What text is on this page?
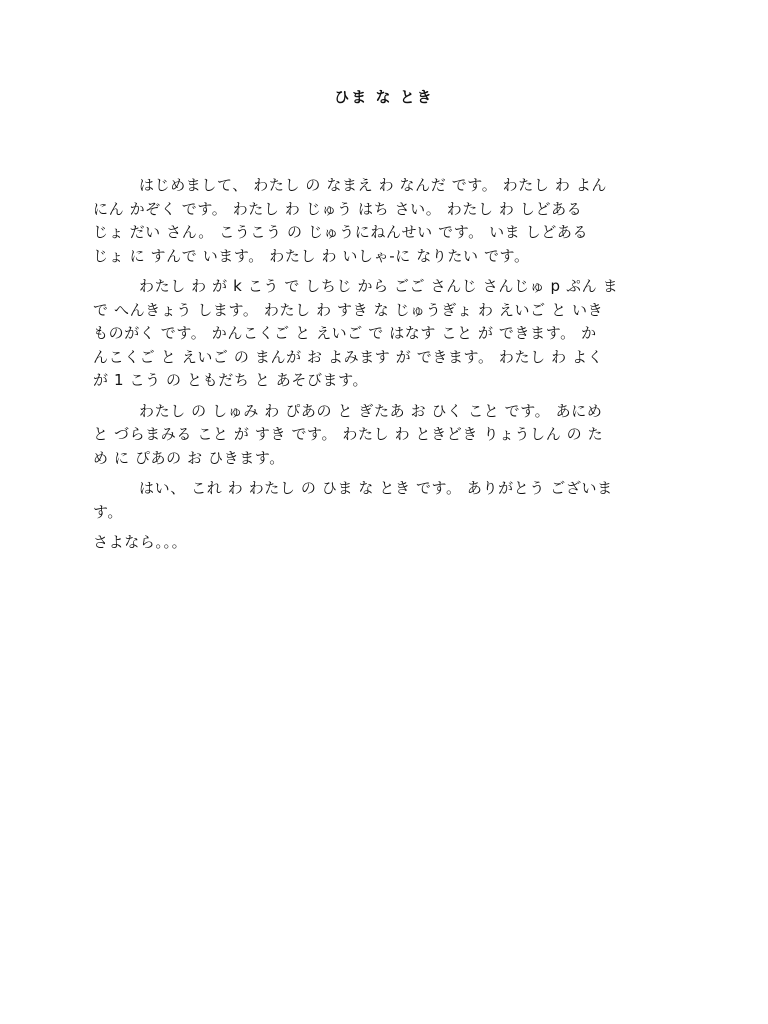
ひま な とき

はじめまして、 わたし の なまえ わ なんだ です。 わたし わ よん
にん かぞく です。 わたし わ じゅう はち さい。 わたし わ しどある
じょ だい さん。 こうこう の じゅうにねんせい です。 いま しどある
じょ に すんで います。 わたし わ いしゃ-に なりたい です。

わたし わ が k こう で しちじ から ごご さんじ さんじゅ p ぷん ま
で へんきょう します。 わたし わ すき な じゅうぎょ わ えいご と いき
ものがく です。 かんこくご と えいご で はなす こと が できます。 か
んこくご と えいご の まんが お よみます が できます。 わたし わ よく
が 1 こう の ともだち と あそびます。

わたし の しゅみ わ ぴあの と ぎたあ お ひく こと です。 あにめ
と づらまみる こと が すき です。 わたし わ ときどき りょうしん の た
め に ぴあの お ひきます。

はい、 これ わ わたし の ひま な とき です。 ありがとう ございま
す。

さよなら。。。
